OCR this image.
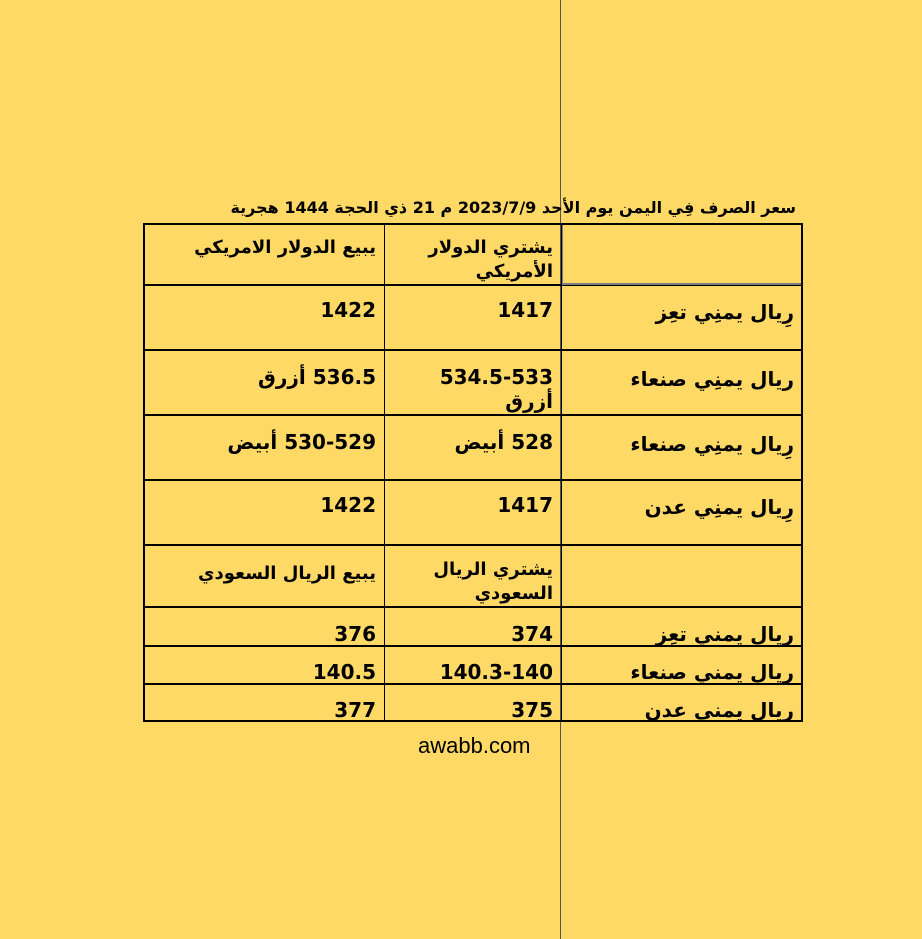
سعر الصرف فِي اليمن يوم الأحد 2023/7/9 م 21 ذي الحجة 1444 هجرية
يشتري الدولار الأمريكي
يبيع الدولار الامريكي
رِيال يمنِي تعِز
1417
1422
ريال يمنِي صنعاء
534.5-533 أزرق
536.5 أزرق
رِيال يمنِي صنعاء
528 أبيض
530-529 أبيض
رِيال يمنِي عدن
1417
1422
يشتري الريال السعودي
يبيع الريال السعودي
رِيال يمني تعِز
374
376
ريال يمني صنعاء
140.3-140
140.5
رِيال يمني عدن
375
377
awabb.com
